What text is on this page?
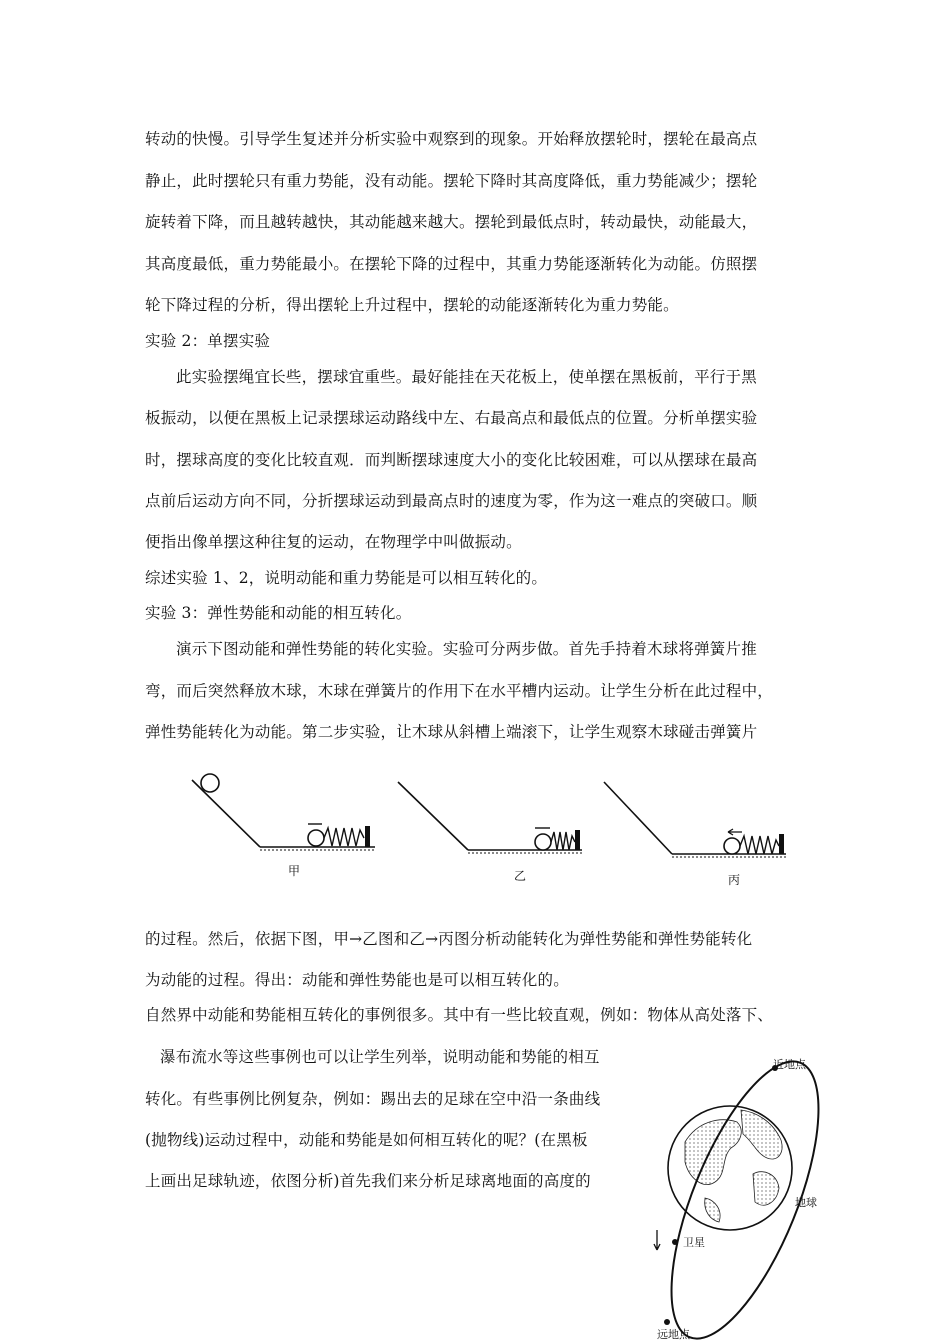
转动的快慢。引导学生复述并分析实验中观察到的现象。开始释放摆轮时，摆轮在最高点
静止，此时摆轮只有重力势能，没有动能。摆轮下降时其高度降低，重力势能减少；摆轮
旋转着下降，而且越转越快，其动能越来越大。摆轮到最低点时，转动最快，动能最大，
其高度最低，重力势能最小。在摆轮下降的过程中，其重力势能逐渐转化为动能。仿照摆
轮下降过程的分析，得出摆轮上升过程中，摆轮的动能逐渐转化为重力势能。
实验 2：单摆实验
此实验摆绳宜长些，摆球宜重些。最好能挂在天花板上，使单摆在黑板前，平行于黑
板振动，以便在黑板上记录摆球运动路线中左、右最高点和最低点的位置。分析单摆实验
时，摆球高度的变化比较直观．而判断摆球速度大小的变化比较困难，可以从摆球在最高
点前后运动方向不同，分折摆球运动到最高点时的速度为零，作为这一难点的突破口。顺
便指出像单摆这种往复的运动，在物理学中叫做振动。
综述实验 1、2，说明动能和重力势能是可以相互转化的。
实验 3：弹性势能和动能的相互转化。
演示下图动能和弹性势能的转化实验。实验可分两步做。首先手持着木球将弹簧片推
弯，而后突然释放木球，木球在弹簧片的作用下在水平槽内运动。让学生分析在此过程中，
弹性势能转化为动能。第二步实验，让木球从斜槽上端滚下，让学生观察木球碰击弹簧片
甲	乙	丙
的过程。然后，依据下图，甲→乙图和乙→丙图分析动能转化为弹性势能和弹性势能转化
为动能的过程。得出：动能和弹性势能也是可以相互转化的。
自然界中动能和势能相互转化的事例很多。其中有一些比较直观，例如：物体从高处落下、
瀑布流水等这些事例也可以让学生列举，说明动能和势能的相互
转化。有些事例比例复杂，例如：踢出去的足球在空中沿一条曲线
(抛物线)运动过程中，动能和势能是如何相互转化的呢？(在黑板
上画出足球轨迹，依图分析)首先我们来分析足球离地面的高度的
近地点
地球
卫星
远地点
